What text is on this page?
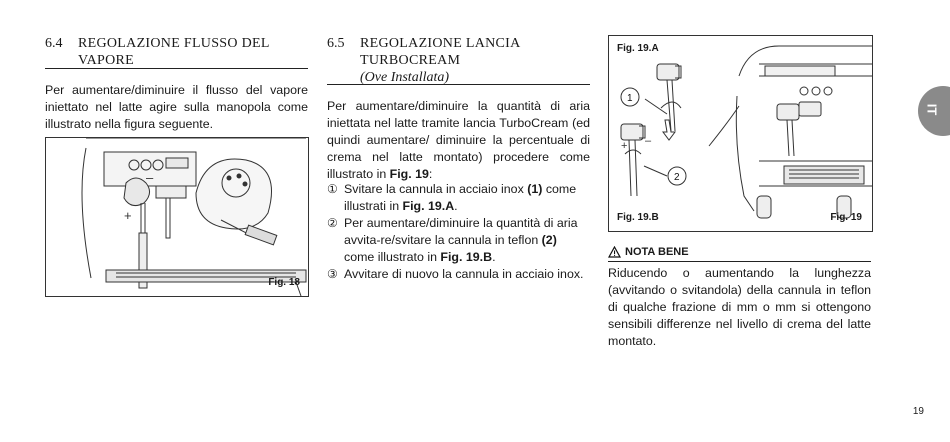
6.4	REGOLAZIONE FLUSSO DEL
VAPORE

Per aumentare/diminuire il flusso del vapore iniettato nel latte agire sulla manopola come illustrato nella figura seguente.

+
–
Fig. 18
6.5	REGOLAZIONE LANCIA
TURBOCREAM
(Ove Installata)

Per aumentare/diminuire la quantità di aria iniettata nel latte tramite lancia TurboCream (ed quindi aumentare/ diminuire la percentuale di crema nel latte montato) procedere come illustrato in Fig. 19:

① Svitare la cannula in acciaio inox (1) come illustrati in Fig. 19.A.
② Per aumentare/diminuire la quantità di aria avvita-re/svitare la cannula in teflon (2) come illustrato in Fig. 19.B.
③ Avvitare di nuovo la cannula in acciaio inox.
+ –
1
2
Fig. 19.A
Fig. 19.B	Fig. 19
NOTA BENE

Riducendo o aumentando la lunghezza (avvitando o svitandola) della cannula in teflon di qualche frazione di mm o mm si ottengono sensibili differenze nel livello di crema del latte montato.

IT
19
